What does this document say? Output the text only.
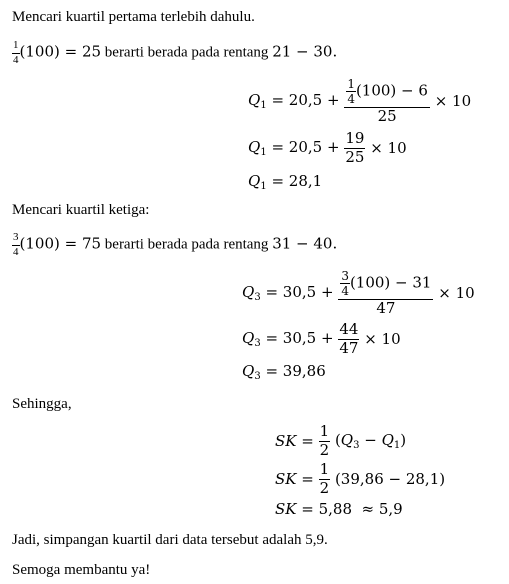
Mencari kuartil pertama terlebih dahulu.
$\frac{1}{4} (100) = 25$ berarti berada pada rentang 21 − 30.
$Q_1 = 20,5 + \frac{\frac{1}{4} (100) - 6}{25} \times 10$
$Q_1 = 20,5 + \frac{19}{25} \times 10$
$Q_1 = 28,1$
Mencari kuartil ketiga:
$\frac{3}{4} (100) = 75$ berarti berada pada rentang 31 − 40.
$Q_3 = 30,5 + \frac{\frac{3}{4} (100) - 31}{47} \times 10$
$Q_3 = 30,5 + \frac{44}{47} \times 10$
$Q_3 = 39,86$
Sehingga,
SK = $\frac{1}{2} (Q_3 - Q_1)$
SK = $\frac{1}{2} (39,86 - 28,1)$
SK = 5,88  ≈ 5,9
Jadi, simpangan kuartil dari data tersebut adalah 5,9.
Semoga membantu ya!
